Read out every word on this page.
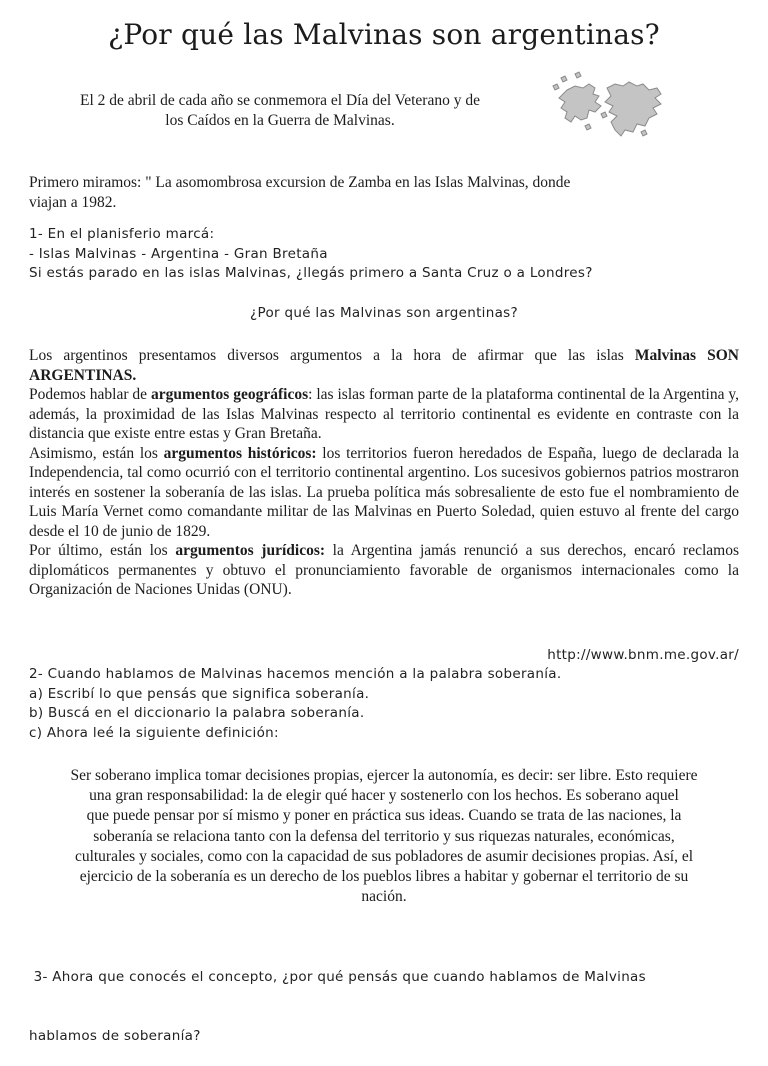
¿Por qué las Malvinas son argentinas?
El 2 de abril de cada año se conmemora el Día del Veterano y de
los Caídos en la Guerra de Malvinas.
Primero miramos: " La asomombrosa excursion de Zamba en las Islas Malvinas, donde
viajan a 1982.
1- En el planisferio marcá:
- Islas Malvinas - Argentina - Gran Bretaña
Si estás parado en las islas Malvinas, ¿llegás primero a Santa Cruz o a Londres?
¿Por qué las Malvinas son argentinas?
Los argentinos presentamos diversos argumentos a la hora de afirmar que las islas Malvinas SON ARGENTINAS.
Podemos hablar de argumentos geográficos: las islas forman parte de la plataforma continental de la Argentina y, además, la proximidad de las Islas Malvinas respecto al territorio continental es evidente en contraste con la distancia que existe entre estas y Gran Bretaña.
Asimismo, están los argumentos históricos: los territorios fueron heredados de España, luego de declarada la Independencia, tal como ocurrió con el territorio continental argentino. Los sucesivos gobiernos patrios mostraron interés en sostener la soberanía de las islas. La prueba política más sobresaliente de esto fue el nombramiento de Luis María Vernet como comandante militar de las Malvinas en Puerto Soledad, quien estuvo al frente del cargo desde el 10 de junio de 1829.
Por último, están los argumentos jurídicos: la Argentina jamás renunció a sus derechos, encaró reclamos diplomáticos permanentes y obtuvo el pronunciamiento favorable de organismos internacionales como la Organización de Naciones Unidas (ONU).
http://www.bnm.me.gov.ar/
2- Cuando hablamos de Malvinas hacemos mención a la palabra soberanía.
a) Escribí lo que pensás que significa soberanía.
b) Buscá en el diccionario la palabra soberanía.
c) Ahora leé la siguiente definición:
Ser soberano implica tomar decisiones propias, ejercer la autonomía, es decir: ser libre. Esto requiere
una gran responsabilidad: la de elegir qué hacer y sostenerlo con los hechos. Es soberano aquel
que puede pensar por sí mismo y poner en práctica sus ideas. Cuando se trata de las naciones, la
soberanía se relaciona tanto con la defensa del territorio y sus riquezas naturales, económicas,
culturales y sociales, como con la capacidad de sus pobladores de asumir decisiones propias. Así, el
ejercicio de la soberanía es un derecho de los pueblos libres a habitar y gobernar el territorio de su
nación.

3- Ahora que conocés el concepto, ¿por qué pensás que cuando hablamos de Malvinas

hablamos de soberanía?
